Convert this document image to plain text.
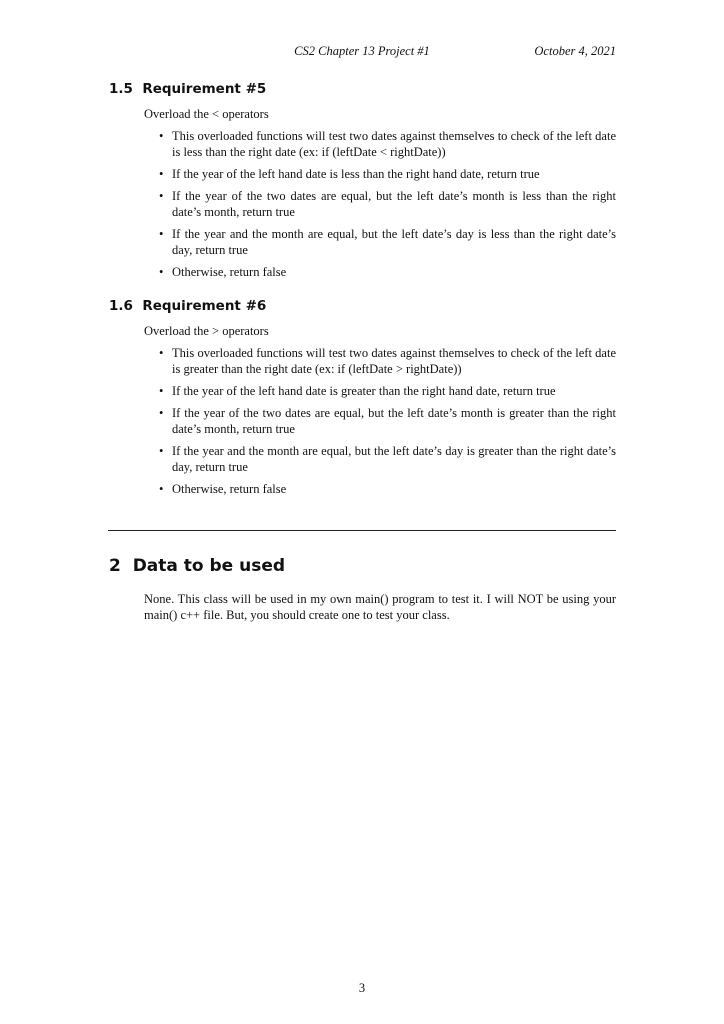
CS2 Chapter 13 Project #1	October 4, 2021
1.5 Requirement #5
Overload the < operators
• This overloaded functions will test two dates against themselves to check of the left date is less than the right date (ex: if (leftDate < rightDate))
• If the year of the left hand date is less than the right hand date, return true
• If the year of the two dates are equal, but the left date’s month is less than the right date’s month, return true
• If the year and the month are equal, but the left date’s day is less than the right date’s day, return true
• Otherwise, return false
1.6 Requirement #6
Overload the > operators
• This overloaded functions will test two dates against themselves to check of the left date is greater than the right date (ex: if (leftDate > rightDate))
• If the year of the left hand date is greater than the right hand date, return true
• If the year of the two dates are equal, but the left date’s month is greater than the right date’s month, return true
• If the year and the month are equal, but the left date’s day is greater than the right date’s day, return true
• Otherwise, return false
2 Data to be used
None. This class will be used in my own main() program to test it. I will NOT be using your main() c++ file. But, you should create one to test your class.
3
